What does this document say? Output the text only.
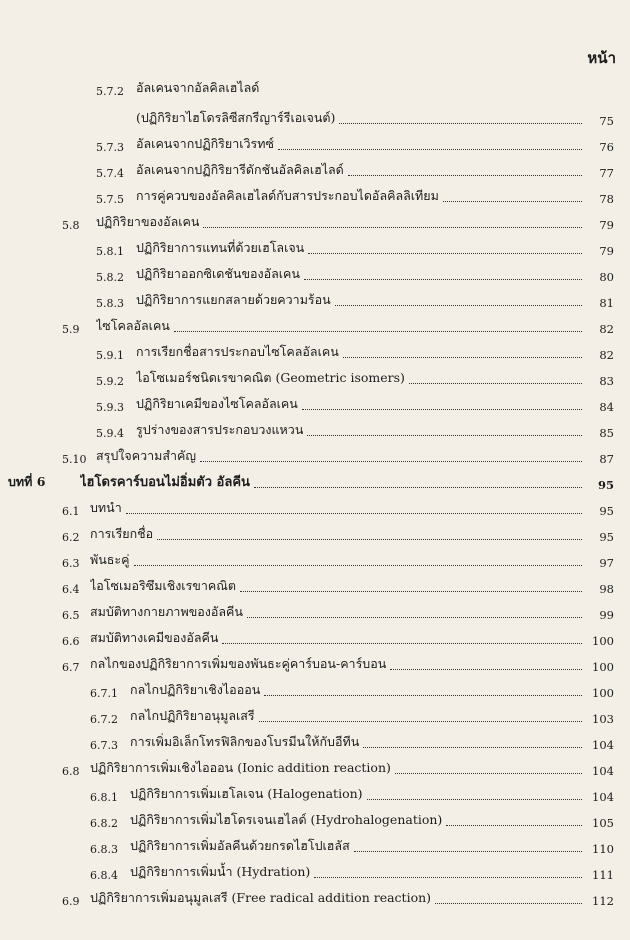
หน้า
5.7.2 อัลเคนจากอัลคิลเฮไลด์
(ปฏิกิริยาไฮโดรลิซีสกรีญาร์รีเอเจนต์)	75
5.7.3 อัลเคนจากปฏิกิริยาเวิรทซ์	76
5.7.4 อัลเคนจากปฏิกิริยารีดักชันอัลคิลเฮไลด์	77
5.7.5 การคู่ควบของอัลคิลเฮไลด์กับสารประกอบไดอัลคิลลิเทียม	78
5.8	ปฏิกิริยาของอัลเคน	79
5.8.1 ปฏิกิริยาการแทนที่ด้วยเฮโลเจน	79
5.8.2 ปฏิกิริยาออกซิเดชันของอัลเคน	80
5.8.3 ปฏิกิริยาการแยกสลายด้วยความร้อน	81
5.9	ไซโคลอัลเคน	82
5.9.1 การเรียกชื่อสารประกอบไซโคลอัลเคน	82
5.9.2 ไอโซเมอร์ชนิดเรขาคณิต (Geometric isomers)	83
5.9.3 ปฏิกิริยาเคมีของไซโคลอัลเคน	84
5.9.4 รูปร่างของสารประกอบวงแหวน	85
5.10 สรุปใจความสำคัญ	87
บทที่ 6	ไฮโดรคาร์บอนไม่อิ่มตัว อัลคีน	95
6.1 บทนำ	95
6.2 การเรียกชื่อ	95
6.3 พันธะคู่	97
6.4 ไอโซเมอริซึมเชิงเรขาคณิต	98
6.5 สมบัติทางกายภาพของอัลคีน	99
6.6 สมบัติทางเคมีของอัลคีน	100
6.7 กลไกของปฏิกิริยาการเพิ่มของพันธะคู่คาร์บอน-คาร์บอน	100
6.7.1 กลไกปฏิกิริยาเชิงไอออน	100
6.7.2 กลไกปฏิกิริยาอนุมูลเสรี	103
6.7.3 การเพิ่มอิเล็กโทรฟิลิกของโบรมีนให้กับอีทีน	104
6.8 ปฏิกิริยาการเพิ่มเชิงไอออน (Ionic addition reaction)	104
6.8.1 ปฏิกิริยาการเพิ่มเฮโลเจน (Halogenation)	104
6.8.2 ปฏิกิริยาการเพิ่มไฮโดรเจนเฮไลด์ (Hydrohalogenation)	105
6.8.3 ปฏิกิริยาการเพิ่มอัลคีนด้วยกรดไฮโปเฮลัส	110
6.8.4 ปฏิกิริยาการเพิ่มน้ำ (Hydration)	111
6.9 ปฏิกิริยาการเพิ่มอนุมูลเสรี (Free radical addition reaction)	112
